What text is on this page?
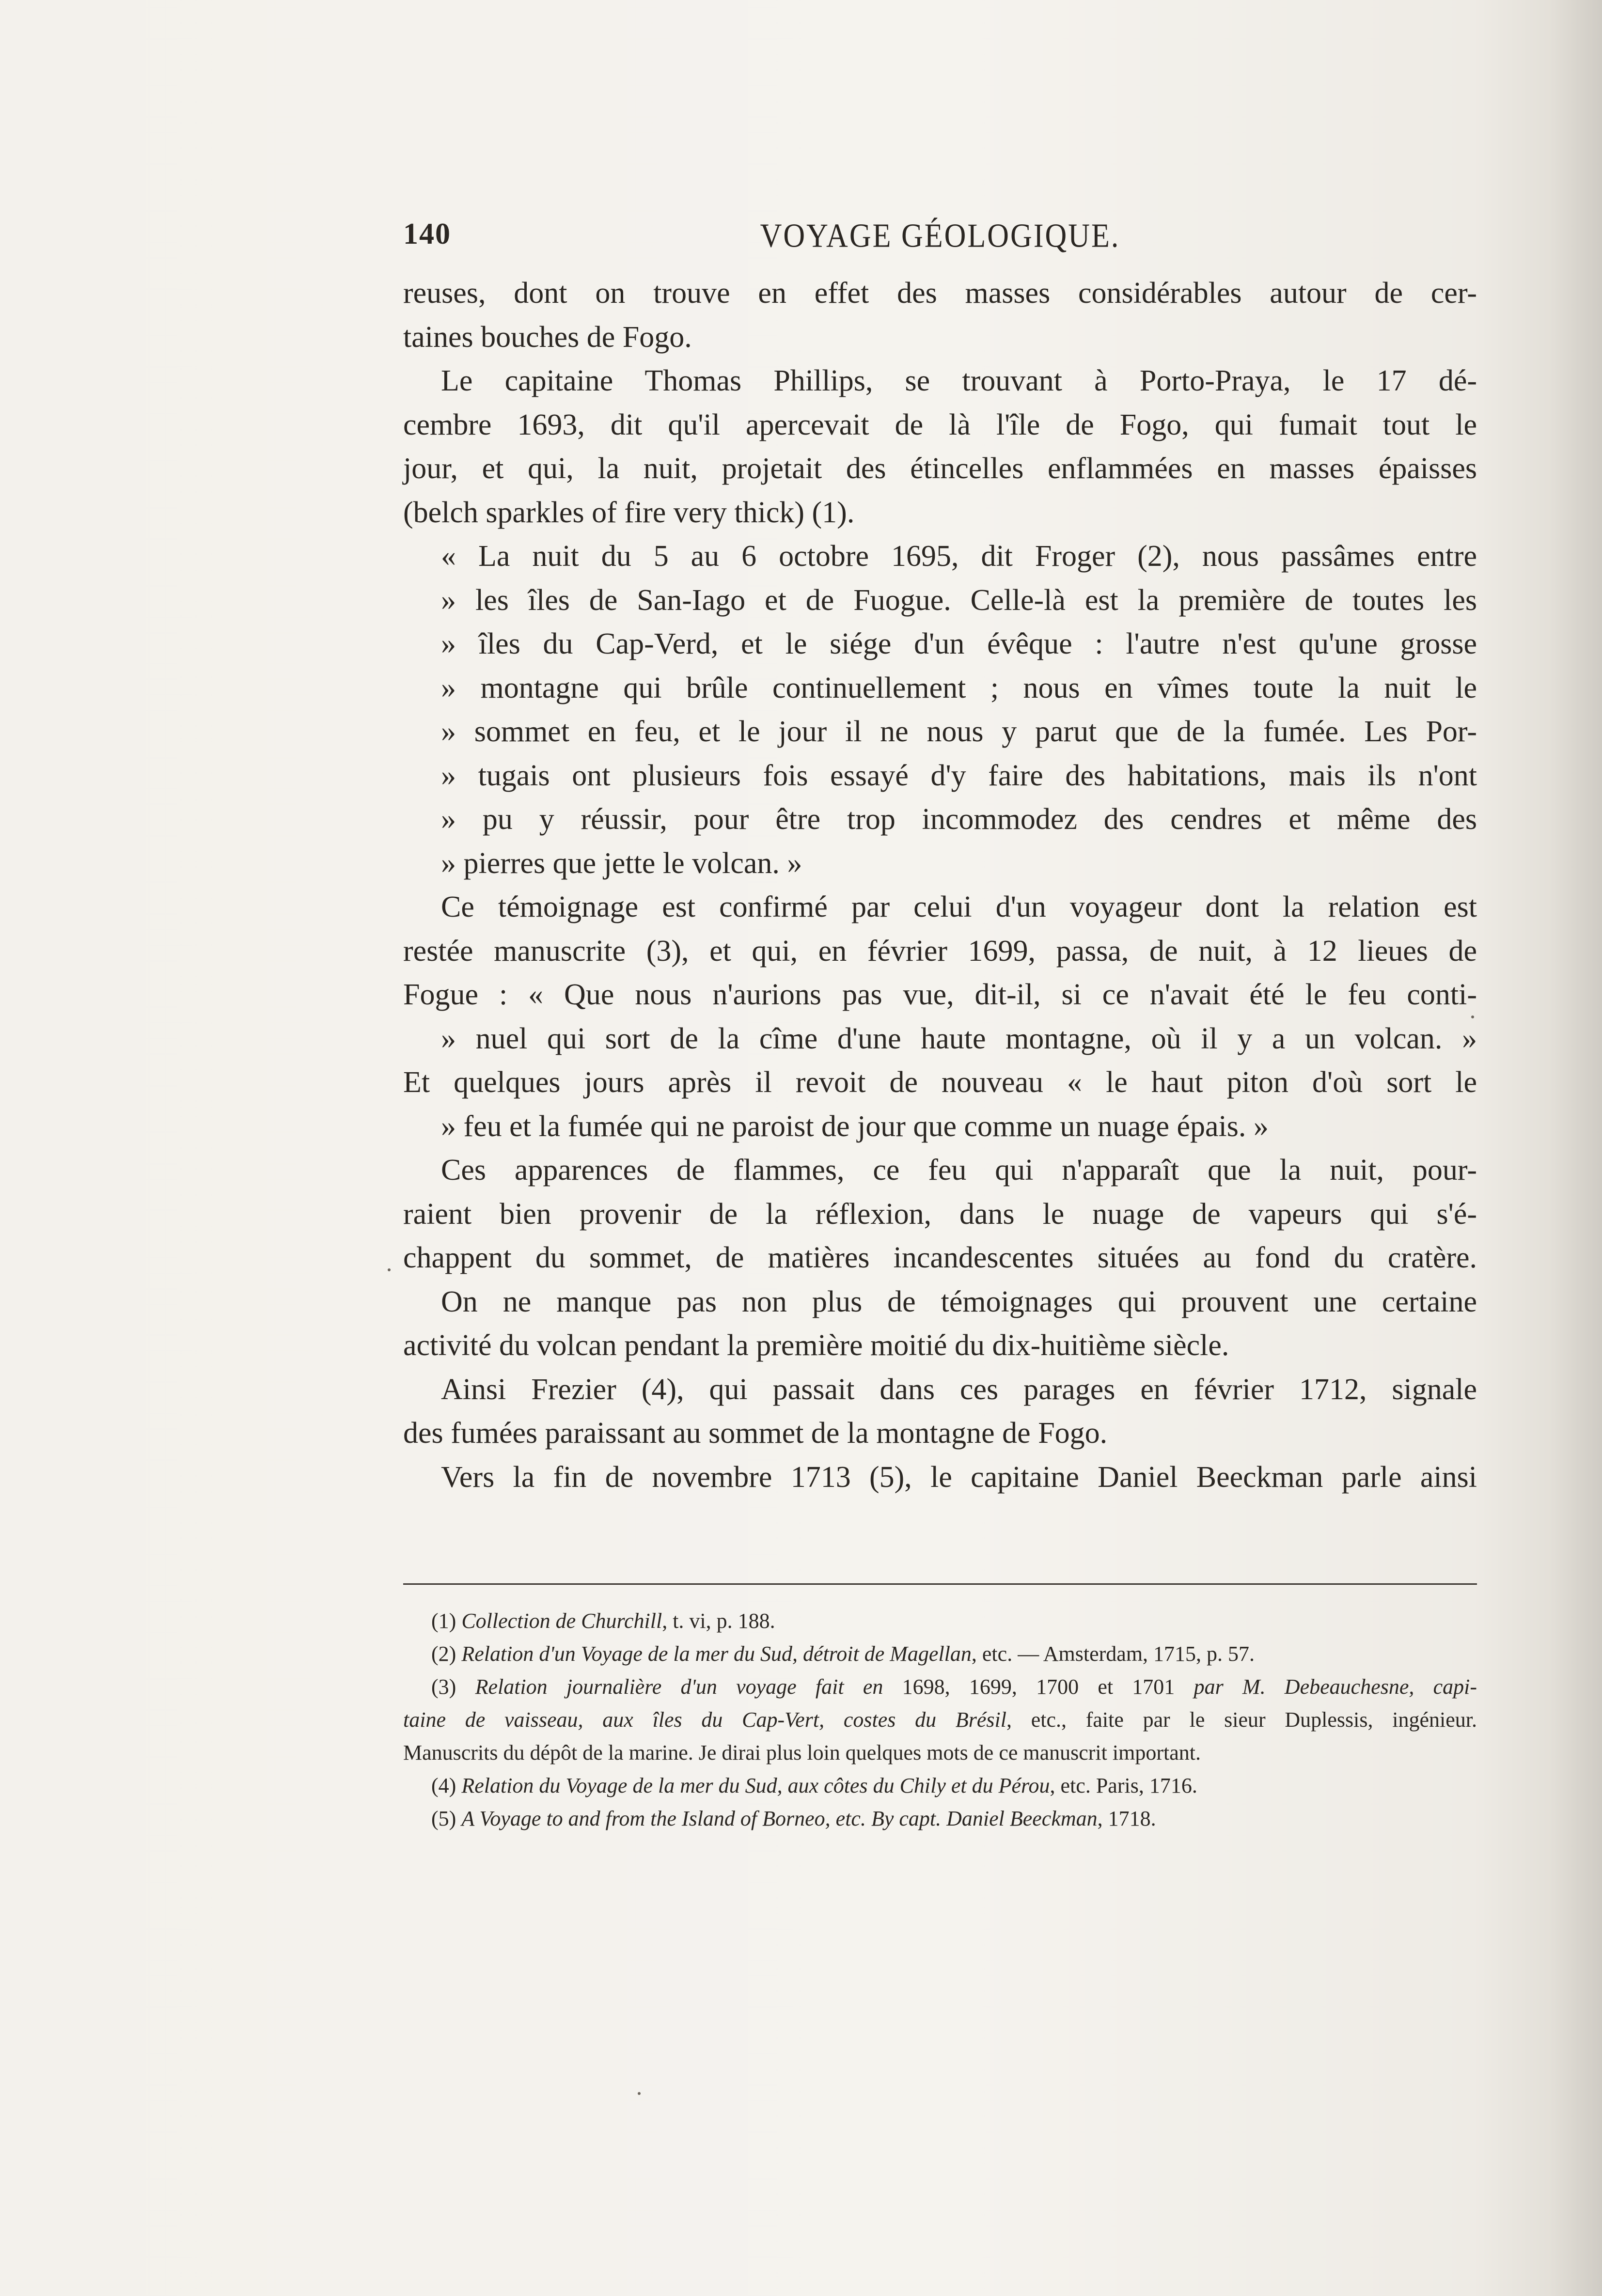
140	VOYAGE GÉOLOGIQUE.
reuses, dont on trouve en effet des masses considérables autour de cer-
taines bouches de Fogo.
Le capitaine Thomas Phillips, se trouvant à Porto-Praya, le 17 dé-
cembre 1693, dit qu'il apercevait de là l'île de Fogo, qui fumait tout le
jour, et qui, la nuit, projetait des étincelles enflammées en masses épaisses
(belch sparkles of fire very thick) (1).
« La nuit du 5 au 6 octobre 1695, dit Froger (2), nous passâmes entre
» les îles de San-Iago et de Fuogue. Celle-là est la première de toutes les
» îles du Cap-Verd, et le siége d'un évêque : l'autre n'est qu'une grosse
» montagne qui brûle continuellement ; nous en vîmes toute la nuit le
» sommet en feu, et le jour il ne nous y parut que de la fumée. Les Por-
» tugais ont plusieurs fois essayé d'y faire des habitations, mais ils n'ont
» pu y réussir, pour être trop incommodez des cendres et même des
» pierres que jette le volcan. »
Ce témoignage est confirmé par celui d'un voyageur dont la relation est
restée manuscrite (3), et qui, en février 1699, passa, de nuit, à 12 lieues de
Fogue : « Que nous n'aurions pas vue, dit-il, si ce n'avait été le feu conti-
» nuel qui sort de la cîme d'une haute montagne, où il y a un volcan. »
Et quelques jours après il revoit de nouveau « le haut piton d'où sort le
» feu et la fumée qui ne paroist de jour que comme un nuage épais. »
Ces apparences de flammes, ce feu qui n'apparaît que la nuit, pour-
raient bien provenir de la réflexion, dans le nuage de vapeurs qui s'é-
chappent du sommet, de matières incandescentes situées au fond du cratère.
On ne manque pas non plus de témoignages qui prouvent une certaine
activité du volcan pendant la première moitié du dix-huitième siècle.
Ainsi Frezier (4), qui passait dans ces parages en février 1712, signale
des fumées paraissant au sommet de la montagne de Fogo.
Vers la fin de novembre 1713 (5), le capitaine Daniel Beeckman parle ainsi
(1) Collection de Churchill, t. vi, p. 188.
(2) Relation d'un Voyage de la mer du Sud, détroit de Magellan, etc. — Amsterdam, 1715, p. 57.
(3) Relation journalière d'un voyage fait en 1698, 1699, 1700 et 1701 par M. Debeauchesne, capi-
taine de vaisseau, aux îles du Cap-Vert, costes du Brésil, etc., faite par le sieur Duplessis, ingénieur.
Manuscrits du dépôt de la marine. Je dirai plus loin quelques mots de ce manuscrit important.
(4) Relation du Voyage de la mer du Sud, aux côtes du Chily et du Pérou, etc. Paris, 1716.
(5) A Voyage to and from the Island of Borneo, etc. By capt. Daniel Beeckman, 1718.
